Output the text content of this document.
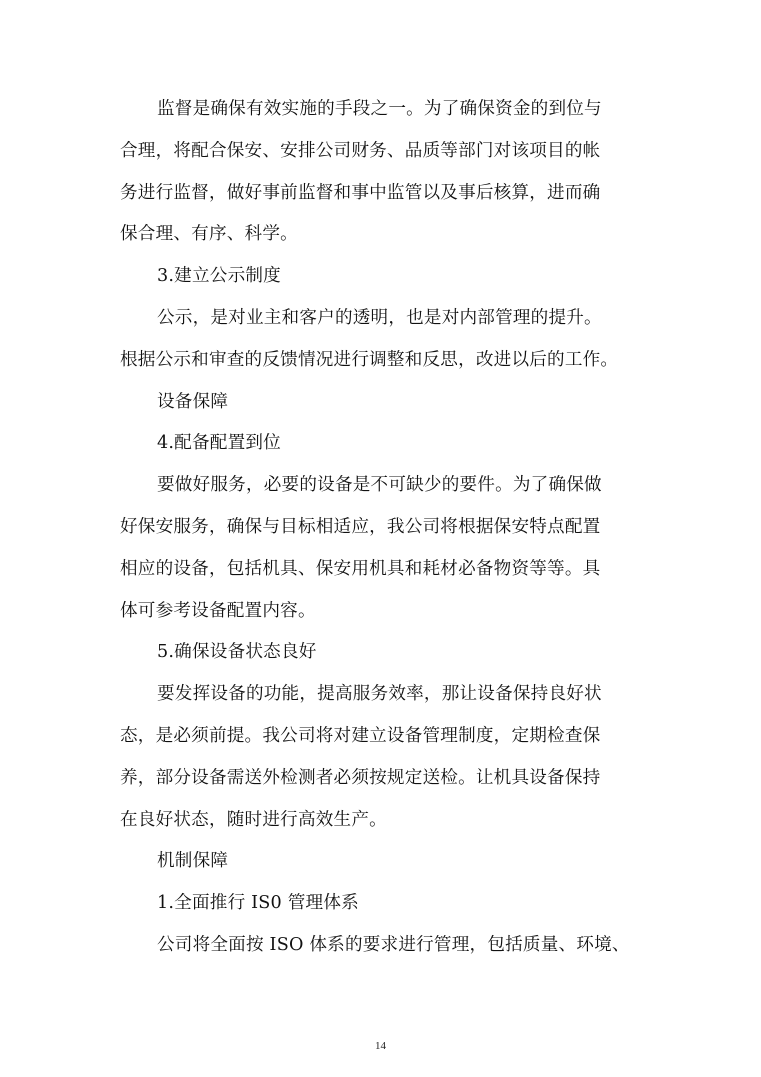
监督是确保有效实施的手段之一。为了确保资金的到位与
合理，将配合保安、安排公司财务、品质等部门对该项目的帐
务进行监督，做好事前监督和事中监管以及事后核算，进而确
保合理、有序、科学。
3.建立公示制度
公示，是对业主和客户的透明，也是对内部管理的提升。
根据公示和审查的反馈情况进行调整和反思，改进以后的工作。
设备保障
4.配备配置到位
要做好服务，必要的设备是不可缺少的要件。为了确保做
好保安服务，确保与目标相适应，我公司将根据保安特点配置
相应的设备，包括机具、保安用机具和耗材必备物资等等。具
体可参考设备配置内容。
5.确保设备状态良好
要发挥设备的功能，提高服务效率，那让设备保持良好状
态，是必须前提。我公司将对建立设备管理制度，定期检查保
养，部分设备需送外检测者必须按规定送检。让机具设备保持
在良好状态，随时进行高效生产。
机制保障
1.全面推行 IS0 管理体系
公司将全面按 ISO 体系的要求进行管理，包括质量、环境、
14
